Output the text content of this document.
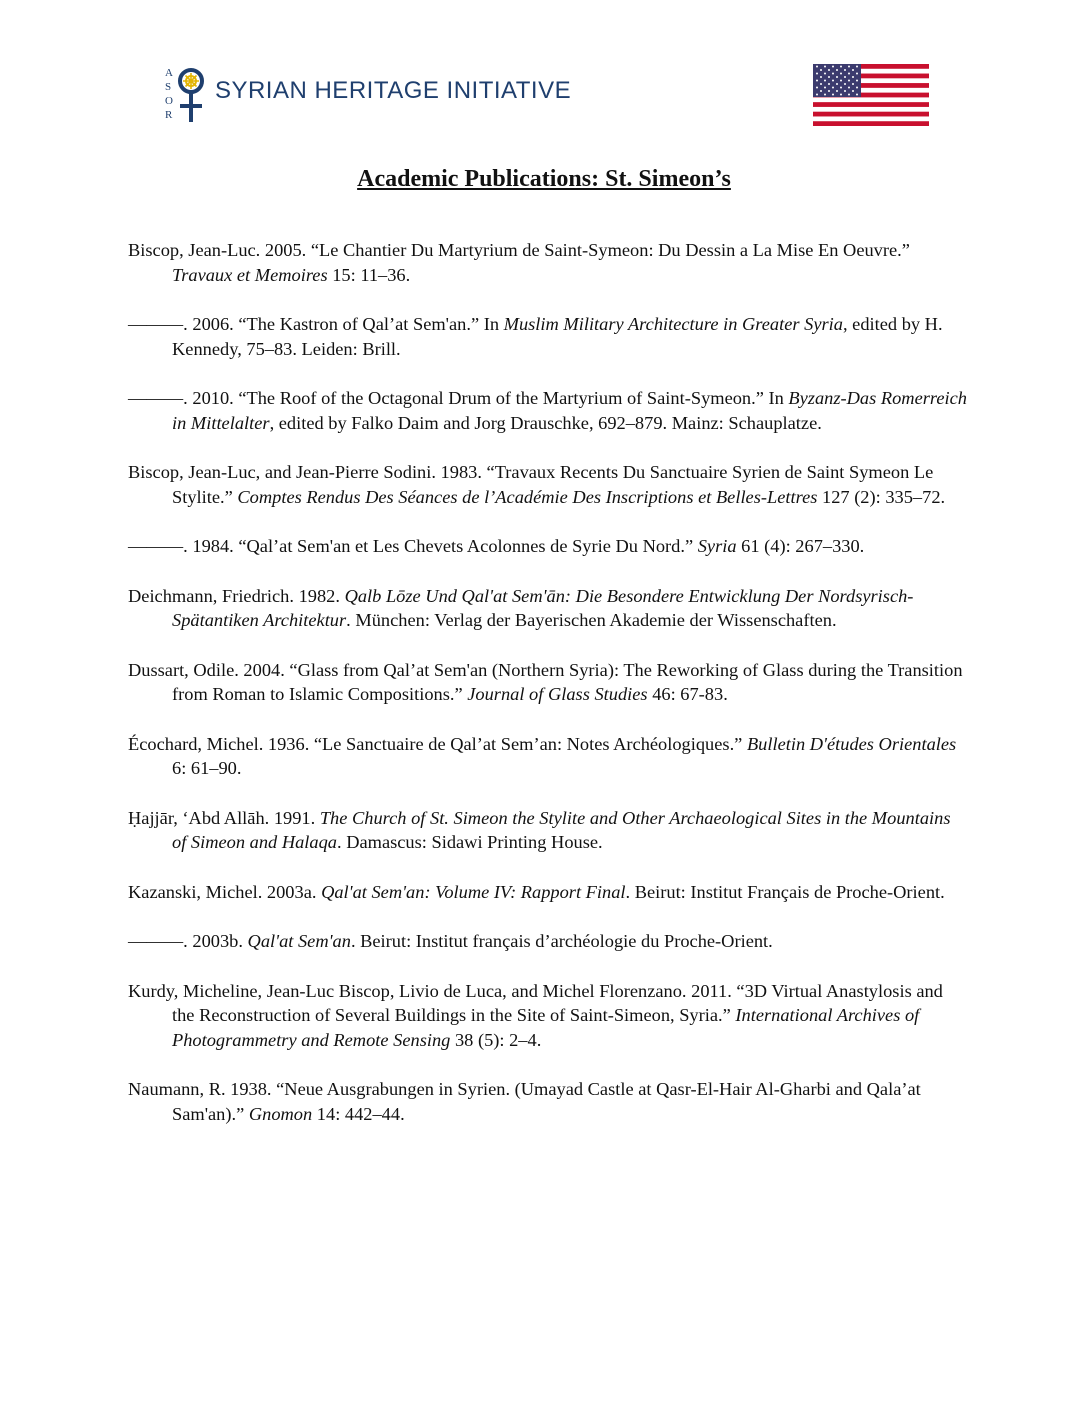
A
S
O
R
SYRIAN HERITAGE INITIATIVE
Academic Publications: St. Simeon’s

Biscop, Jean-Luc. 2005. “Le Chantier Du Martyrium de Saint-Symeon: Du Dessin a La Mise En Oeuvre.” Travaux et Memoires 15: 11–36.

———. 2006. “The Kastron of Qal’at Sem'an.” In Muslim Military Architecture in Greater Syria, edited by H. Kennedy, 75–83. Leiden: Brill.

———. 2010. “The Roof of the Octagonal Drum of the Martyrium of Saint-Symeon.” In Byzanz-Das Romerreich in Mittelalter, edited by Falko Daim and Jorg Drauschke, 692–879. Mainz: Schauplatze.

Biscop, Jean-Luc, and Jean-Pierre Sodini. 1983. “Travaux Recents Du Sanctuaire Syrien de Saint Symeon Le Stylite.” Comptes Rendus Des Séances de l’Académie Des Inscriptions et Belles-Lettres 127 (2): 335–72.

———. 1984. “Qal’at Sem'an et Les Chevets Acolonnes de Syrie Du Nord.” Syria 61 (4): 267–330.

Deichmann, Friedrich. 1982. Qalb Lōze Und Qal'at Sem'ān: Die Besondere Entwicklung Der Nordsyrisch-Spätantiken Architektur. München: Verlag der Bayerischen Akademie der Wissenschaften.

Dussart, Odile. 2004. “Glass from Qal’at Sem'an (Northern Syria): The Reworking of Glass during the Transition from Roman to Islamic Compositions.” Journal of Glass Studies 46: 67-83.

Écochard, Michel. 1936. “Le Sanctuaire de Qal’at Sem’an: Notes Archéologiques.” Bulletin D'études Orientales 6: 61–90.

Ḥajjār, ‘Abd Allāh. 1991. The Church of St. Simeon the Stylite and Other Archaeological Sites in the Mountains of Simeon and Halaqa. Damascus: Sidawi Printing House.

Kazanski, Michel. 2003a. Qal'at Sem'an: Volume IV: Rapport Final. Beirut: Institut Français de Proche-Orient.

———. 2003b. Qal'at Sem'an. Beirut: Institut français d’archéologie du Proche-Orient.

Kurdy, Micheline, Jean-Luc Biscop, Livio de Luca, and Michel Florenzano. 2011. “3D Virtual Anastylosis and the Reconstruction of Several Buildings in the Site of Saint-Simeon, Syria.” International Archives of Photogrammetry and Remote Sensing 38 (5): 2–4.

Naumann, R. 1938. “Neue Ausgrabungen in Syrien. (Umayad Castle at Qasr-El-Hair Al-Gharbi and Qala’at Sam'an).” Gnomon 14: 442–44.
